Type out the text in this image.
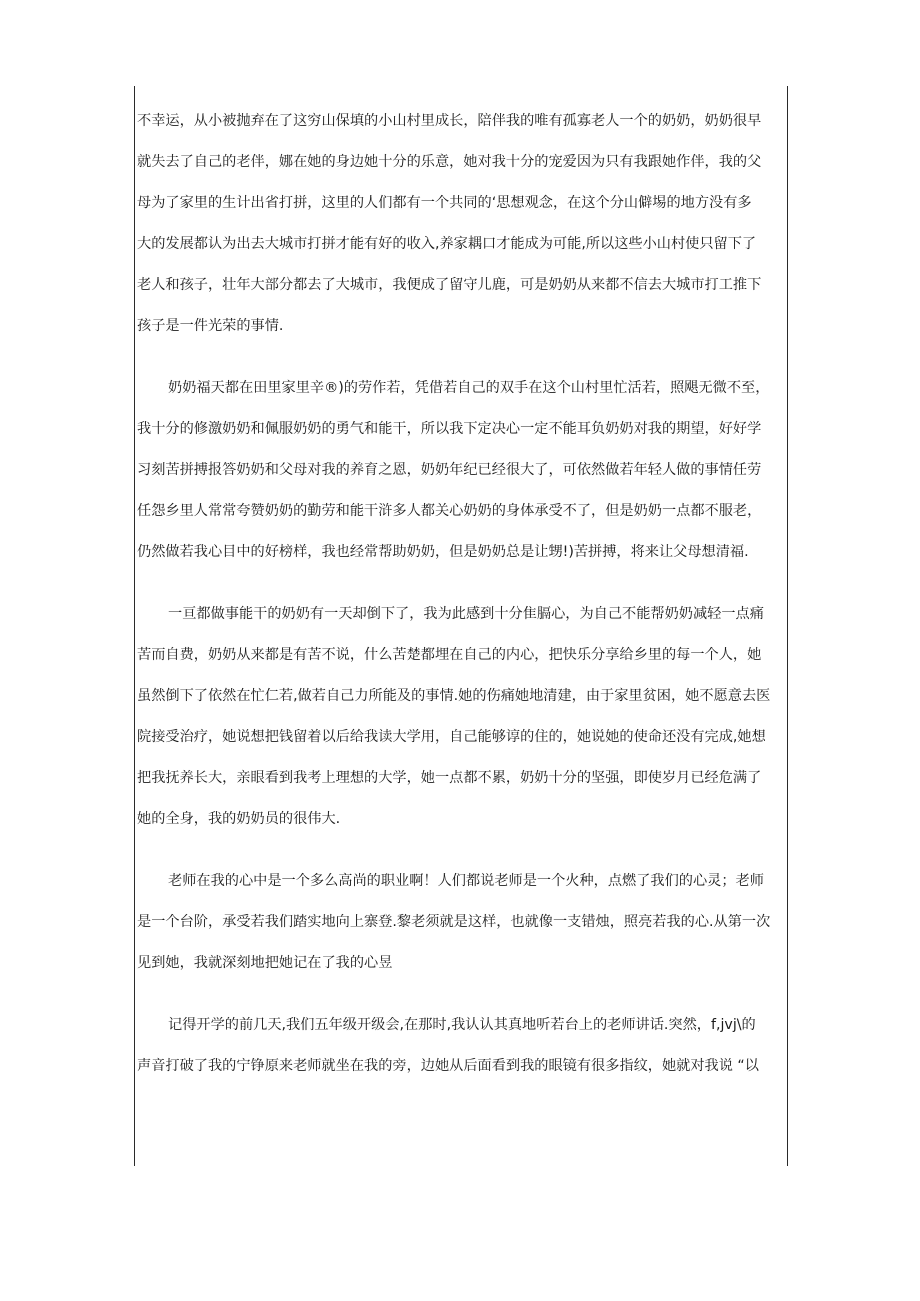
不幸运，从小被抛弃在了这穷山保填的小山村里成长，陪伴我的唯有孤寡老人一个的奶奶，奶奶很早
就失去了自己的老伴，娜在她的身边她十分的乐意，她对我十分的宠爱因为只有我跟她作伴，我的父
母为了家里的生计出省打拼，这里的人们都有一个共同的‘思想观念，在这个分山僻埸的地方没有多
大的发展都认为出去大城市打拼才能有好的收入,养家耦口才能成为可能,所以这些小山村使只留下了
老人和孩子，壮年大部分都去了大城市，我便成了留守儿鹿，可是奶奶从来都不信去大城市打工推下
孩子是一件光荣的事情.
奶奶福天都在田里家里辛®)的劳作若，凭借若自己的双手在这个山村里忙活若，照飓无微不至，
我十分的修激奶奶和佩服奶奶的勇气和能干，所以我下定决心一定不能耳负奶奶对我的期望，好好学
习刻苦拼搏报答奶奶和父母对我的养育之恩，奶奶年纪已经很大了，可依然做若年轻人做的事情任劳
任怨乡里人常常夸赞奶奶的勤劳和能干浒多人都关心奶奶的身体承受不了，但是奶奶一点都不服老，
仍然做若我心目中的好榜样，我也经常帮助奶奶，但是奶奶总是让甥!)苦拼搏，将来让父母想清福.
一亘都做事能干的奶奶有一天却倒下了，我为此感到十分隹膈心，为自己不能帮奶奶减轻一点痛
苦而自费，奶奶从来都是有苦不说，什么苦楚都埋在自己的内心，把快乐分享给乡里的每一个人，她
虽然倒下了依然在忙仁若,做若自己力所能及的事情.她的伤痛她地清建，由于家里贫困，她不愿意去医
院接受治疗，她说想把钱留着以后给我读大学用，自己能够谆的住的，她说她的使命还没有完成,她想
把我抚养长大，亲眼看到我考上理想的大学，她一点都不累，奶奶十分的坚强，即使岁月已经危满了
她的全身，我的奶奶员的很伟大.
老师在我的心中是一个多么高尚的职业啊！人们都说老师是一个火种，点燃了我们的心灵；老师
是一个台阶，承受若我们踏实地向上寨登.黎老须就是这样，也就像一支错烛，照亮若我的心.从第一次
见到她，我就深刻地把她记在了我的心昱
记得开学的前几天,我们五年级开级会,在那时,我认认其真地听若台上的老师讲话.突然，f,jvj\的
声音打破了我的宁铮原来老师就坐在我的旁，边她从后面看到我的眼镜有很多指纹，她就对我说 “以
